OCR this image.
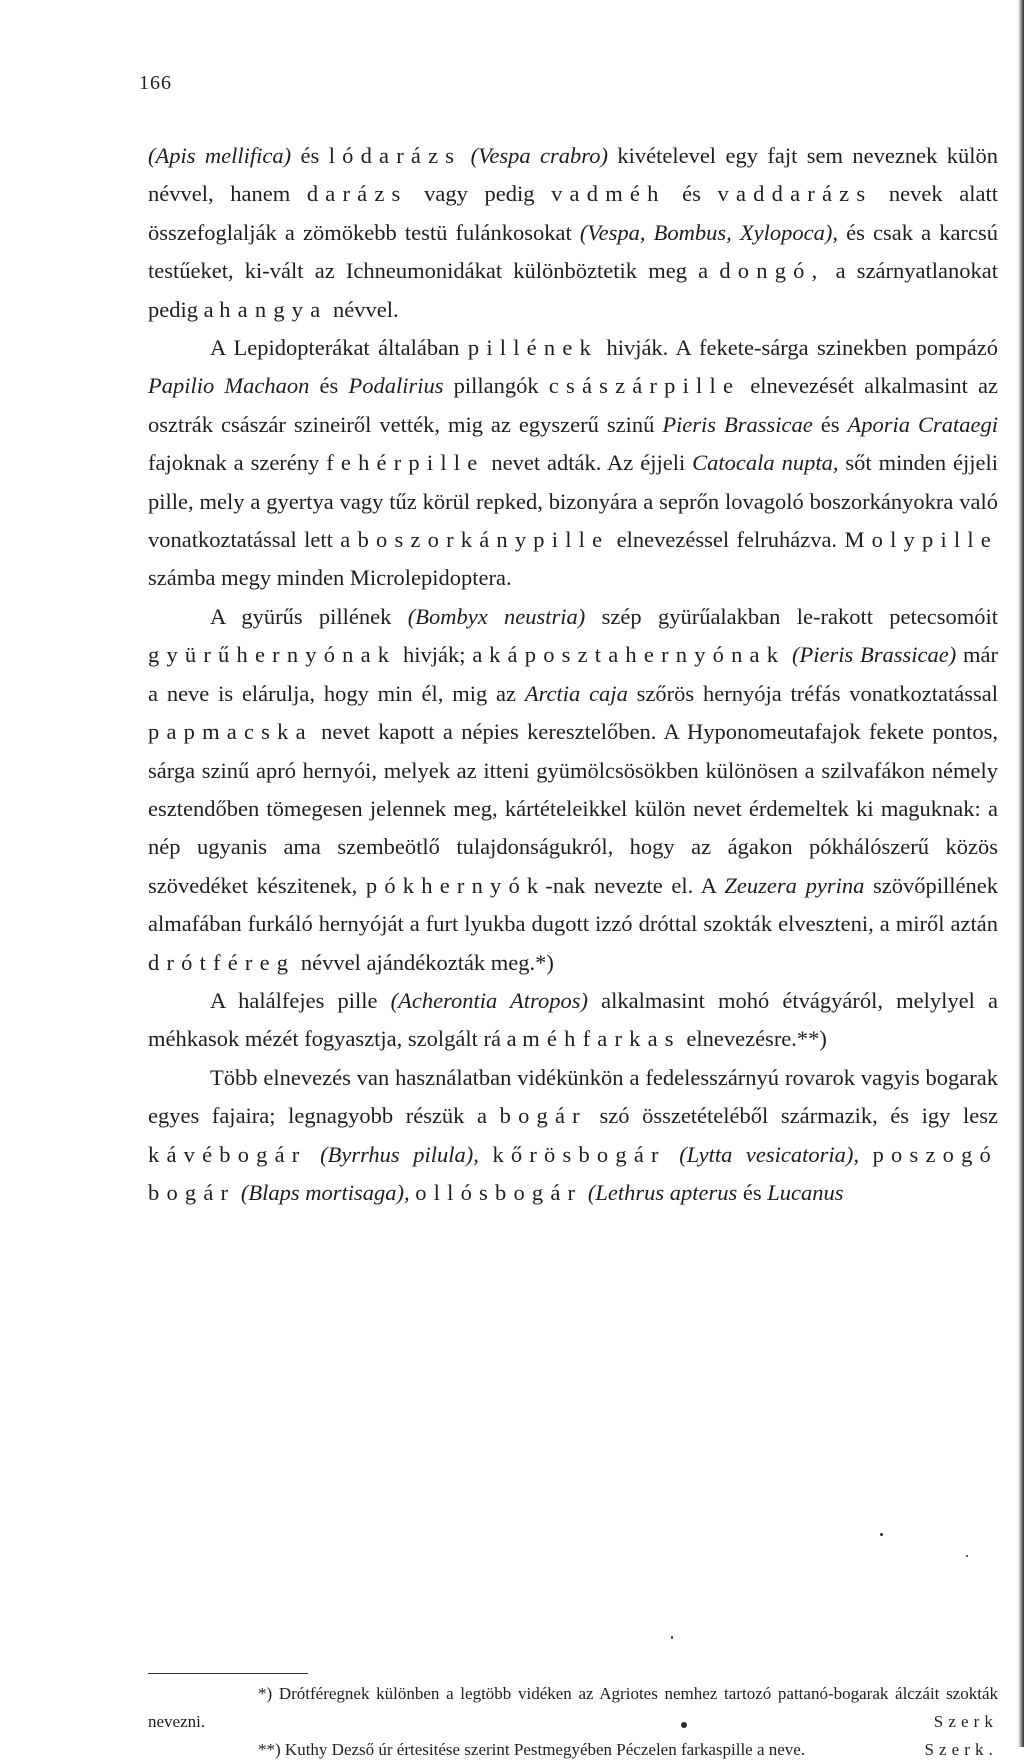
166

(Apis mellifica) és lódarázs (Vespa crabro) kivételevel egy fajt sem neveznek külön névvel, hanem darázs vagy pedig vadméh és vaddarázs nevek alatt összefoglalják a zömökebb testü fulánkosokat (Vespa, Bombus, Xylopoca), és csak a karcsú testűeket, ki-vált az Ichneumonidákat különböztetik meg a dongó, a szárnyatlanokat pedig a hangya névvel.

A Lepidopterákat általában pillének hivják. A fekete-sárga szinekben pompázó Papilio Machaon és Podalirius pillangók császárpille elnevezését alkalmasint az osztrák császár szineiről vették, mig az egyszerű szinű Pieris Brassicae és Aporia Crataegi fajoknak a szerény fehérpille nevet adták. Az éjjeli Catocala nupta, sőt minden éjjeli pille, mely a gyertya vagy tűz körül repked, bizonyára a seprőn lovagoló boszorkányokra való vonatkoztatással lett a boszorkánypille elnevezéssel felruházva. Molypille számba megy minden Microlepidoptera.

A gyürűs pillének (Bombyx neustria) szép gyürűalakban le-rakott petecsomóit gyürűhernyónak hivják; a káposztahernyónak (Pieris Brassicae) már a neve is elárulja, hogy min él, mig az Arctia caja szőrös hernyója tréfás vonatkoztatással papmacska nevet kapott a népies keresztelőben. A Hyponomeutafajok fekete pontos, sárga szinű apró hernyói, melyek az itteni gyümölcsösökben különösen a szilvafákon némely esztendőben tömegesen jelennek meg, kártételeikkel külön nevet érdemeltek ki maguknak: a nép ugyanis ama szembeötlő tulajdonságukról, hogy az ágakon pókhálószerű közös szövedéket készitenek, pókhernyók-nak nevezte el. A Zeuzera pyrina szövőpillének almafában furkáló hernyóját a furt lyukba dugott izzó dróttal szokták elveszteni, a miről aztán drótféreg névvel ajándékozták meg.*)

A halálfejes pille (Acherontia Atropos) alkalmasint mohó étvágyáról, melylyel a méhkasok mézét fogyasztja, szolgált rá a méhfarkas elnevezésre.**)

Több elnevezés van használatban vidékünkön a fedelesszárnyú rovarok vagyis bogarak egyes fajaira; legnagyobb részük a bogár szó összetételéből származik, és igy lesz kávébogár (Byrrhus pilula), kőrösbogár (Lytta vesicatoria), poszogó bogár (Blaps mortisaga), ollósbogár (Lethrus apterus és Lucanus

*) Drótféregnek különben a legtöbb vidéken az Agriotes nemhez tartozó pattanó-bogarak álczáit szokták nevezni.	Szerk

**) Kuthy Dezső úr értesitése szerint Pestmegyében Péczelen farkaspille a neve.	Szerk.
